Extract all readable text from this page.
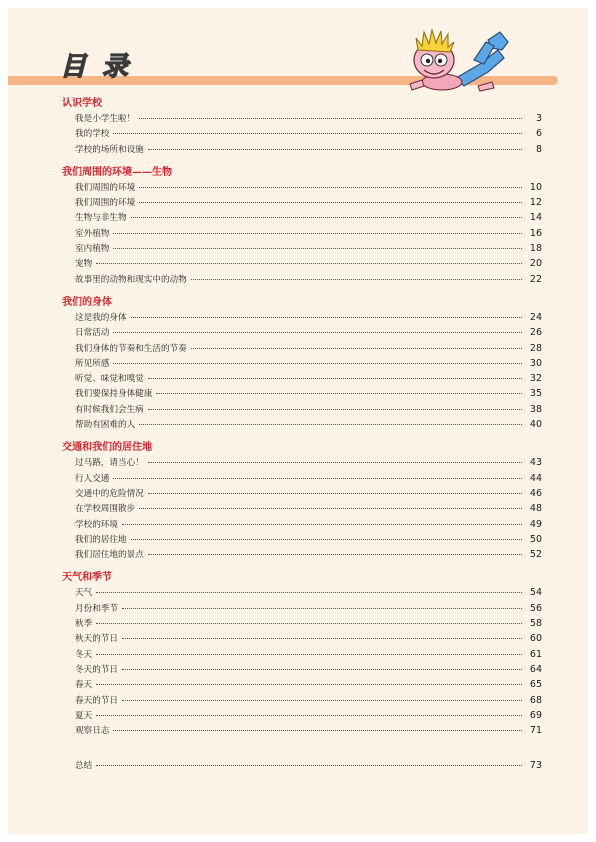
目录
认识学校
我是小学生啦！	3
我的学校	6
学校的场所和设施	8
我们周围的环境——生物
我们周围的环境	10
我们周围的环境	12
生物与非生物	14
室外植物	16
室内植物	18
宠物	20
故事里的动物和现实中的动物	22
我们的身体
这是我的身体	24
日常活动	26
我们身体的节奏和生活的节奏	28
所见所感	30
听觉、味觉和嗅觉	32
我们要保持身体健康	35
有时候我们会生病	38
帮助有困难的人	40
交通和我们的居住地
过马路，请当心！	43
行人交通	44
交通中的危险情况	46
在学校周围散步	48
学校的环境	49
我们的居住地	50
我们居住地的景点	52
天气和季节
天气	54
月份和季节	56
秋季	58
秋天的节日	60
冬天	61
冬天的节日	64
春天	65
春天的节日	68
夏天	69
观察日志	71
总结	73
